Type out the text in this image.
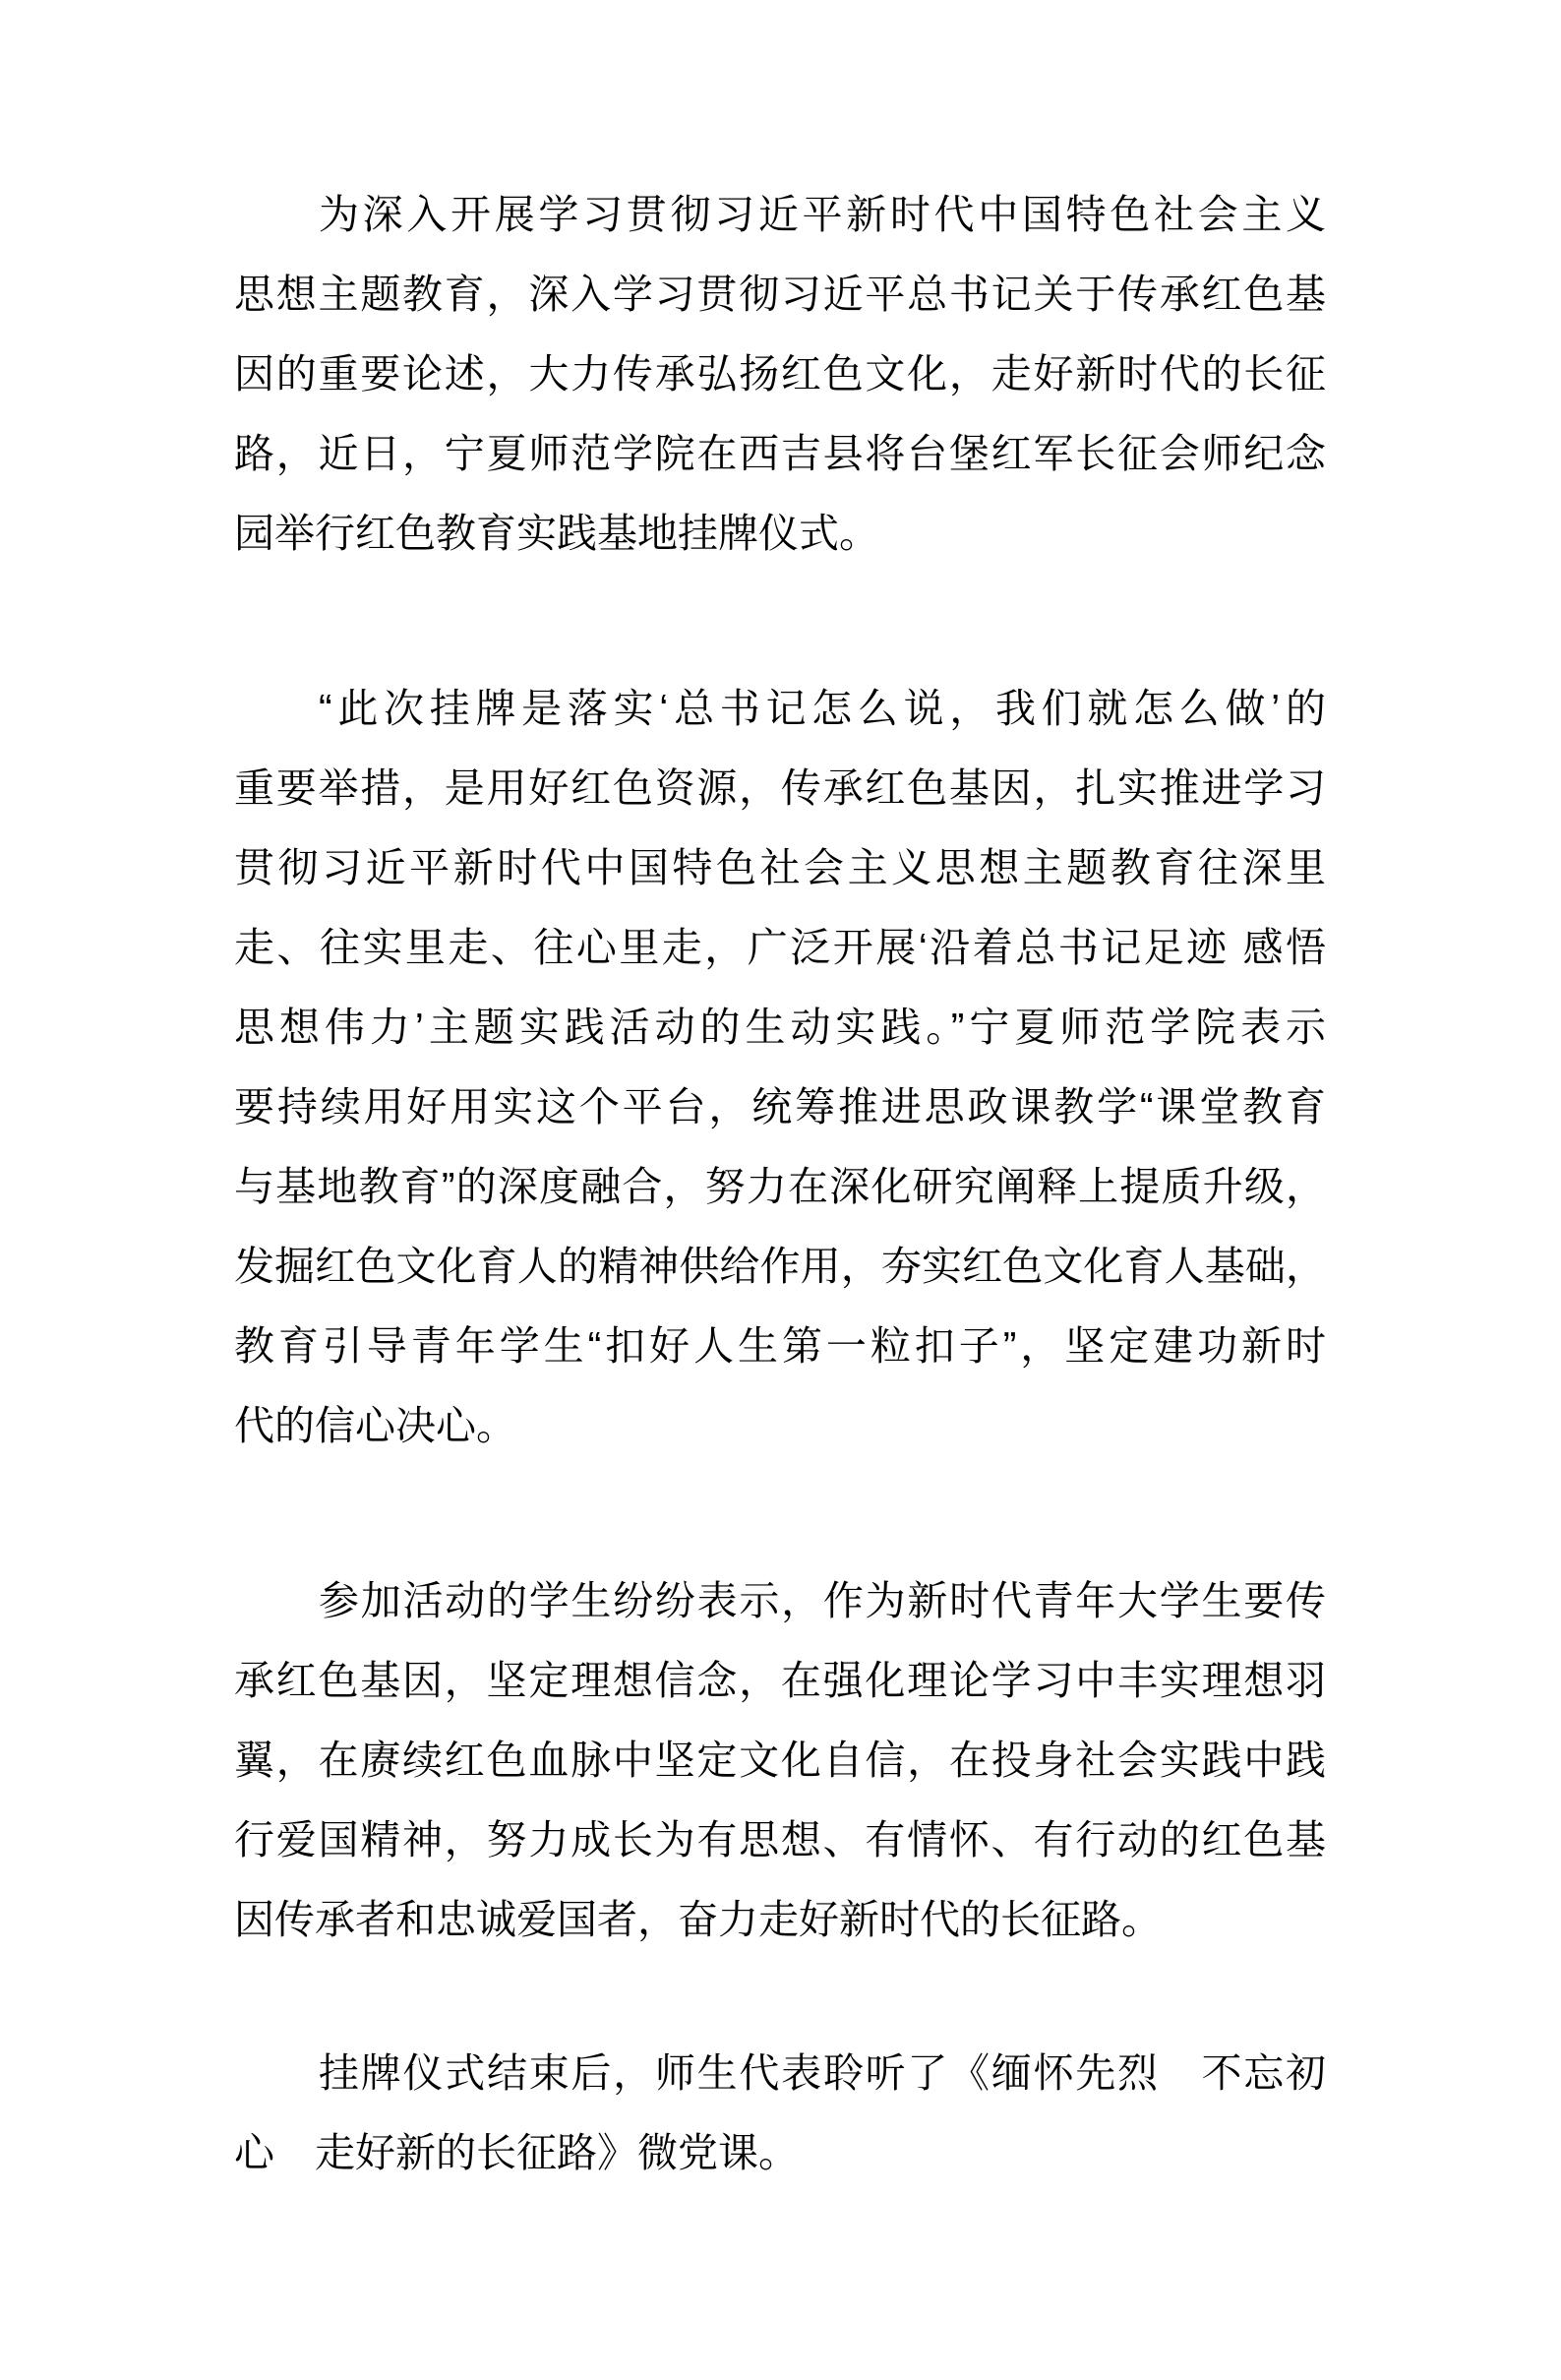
为深入开展学习贯彻习近平新时代中国特色社会主义
思想主题教育，深入学习贯彻习近平总书记关于传承红色基
因的重要论述，大力传承弘扬红色文化，走好新时代的长征
路，近日，宁夏师范学院在西吉县将台堡红军长征会师纪念
园举行红色教育实践基地挂牌仪式。

“此次挂牌是落实‘总书记怎么说，我们就怎么做’的
重要举措，是用好红色资源，传承红色基因，扎实推进学习
贯彻习近平新时代中国特色社会主义思想主题教育往深里
走、往实里走、往心里走，广泛开展‘沿着总书记足迹 感悟
思想伟力’主题实践活动的生动实践。”宁夏师范学院表示
要持续用好用实这个平台，统筹推进思政课教学“课堂教育
与基地教育”的深度融合，努力在深化研究阐释上提质升级，
发掘红色文化育人的精神供给作用，夯实红色文化育人基础，
教育引导青年学生“扣好人生第一粒扣子”，坚定建功新时
代的信心决心。

参加活动的学生纷纷表示，作为新时代青年大学生要传
承红色基因，坚定理想信念，在强化理论学习中丰实理想羽
翼，在赓续红色血脉中坚定文化自信，在投身社会实践中践
行爱国精神，努力成长为有思想、有情怀、有行动的红色基
因传承者和忠诚爱国者，奋力走好新时代的长征路。

挂牌仪式结束后，师生代表聆听了《缅怀先烈　不忘初
心　走好新的长征路》微党课。
